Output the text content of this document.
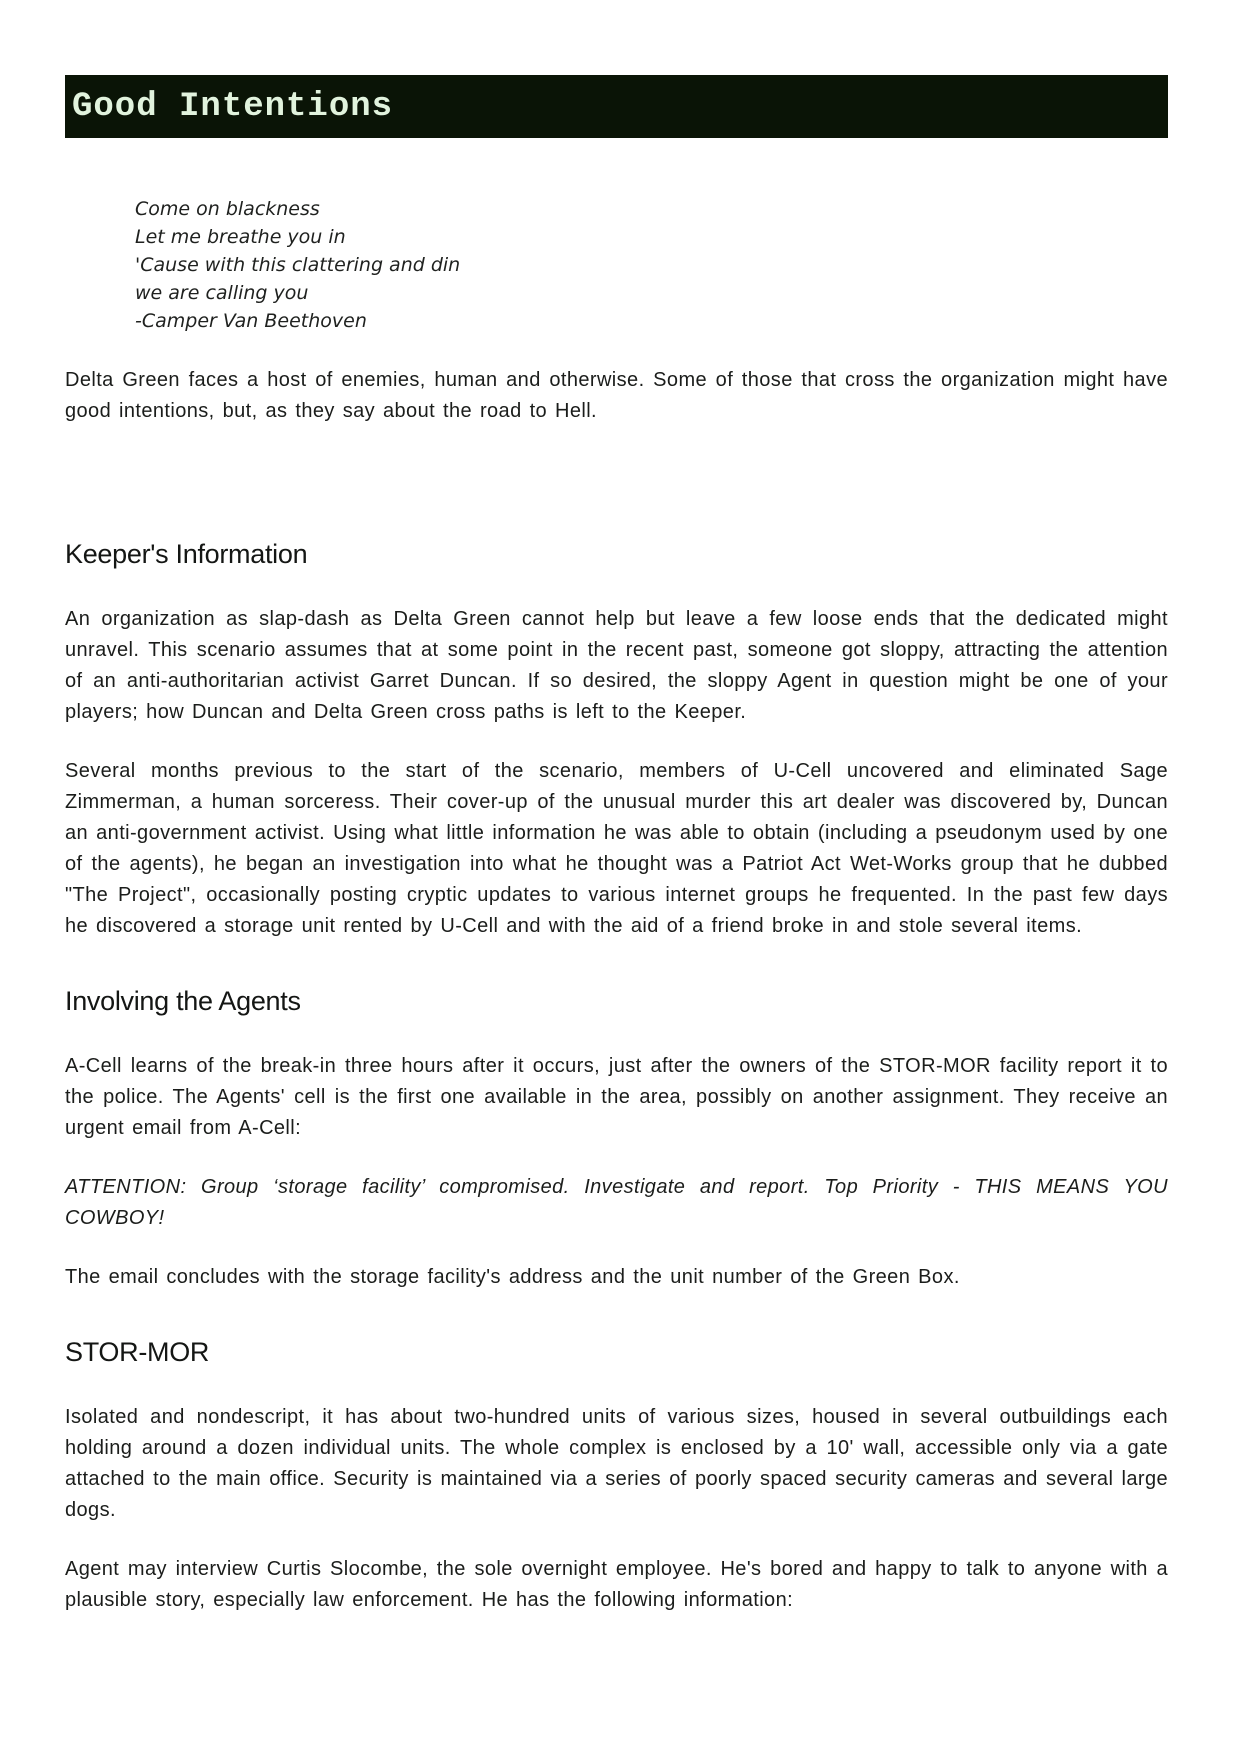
Good Intentions
Come on blackness
Let me breathe you in
'Cause with this clattering and din
we are calling you
-Camper Van Beethoven

Delta Green faces a host of enemies, human and otherwise. Some of those that cross the organization might have good intentions, but, as they say about the road to Hell.

Keeper's Information

An organization as slap-dash as Delta Green cannot help but leave a few loose ends that the dedicated might unravel. This scenario assumes that at some point in the recent past, someone got sloppy, attracting the attention of an anti-authoritarian activist Garret Duncan. If so desired, the sloppy Agent in question might be one of your players; how Duncan and Delta Green cross paths is left to the Keeper.

Several months previous to the start of the scenario, members of U-Cell uncovered and eliminated Sage Zimmerman, a human sorceress. Their cover-up of the unusual murder this art dealer was discovered by, Duncan an anti-government activist. Using what little information he was able to obtain (including a pseudonym used by one of the agents), he began an investigation into what he thought was a Patriot Act Wet-Works group that he dubbed "The Project", occasionally posting cryptic updates to various internet groups he frequented. In the past few days he discovered a storage unit rented by U-Cell and with the aid of a friend broke in and stole several items.

Involving the Agents

A-Cell learns of the break-in three hours after it occurs, just after the owners of the STOR-MOR facility report it to the police. The Agents' cell is the first one available in the area, possibly on another assignment. They receive an urgent email from A-Cell:

ATTENTION: Group ‘storage facility’ compromised. Investigate and report. Top Priority - THIS MEANS YOU COWBOY!

The email concludes with the storage facility's address and the unit number of the Green Box.

STOR-MOR

Isolated and nondescript, it has about two-hundred units of various sizes, housed in several outbuildings each holding around a dozen individual units. The whole complex is enclosed by a 10' wall, accessible only via a gate attached to the main office. Security is maintained via a series of poorly spaced security cameras and several large dogs.

Agent may interview Curtis Slocombe, the sole overnight employee. He's bored and happy to talk to anyone with a plausible story, especially law enforcement. He has the following information:
